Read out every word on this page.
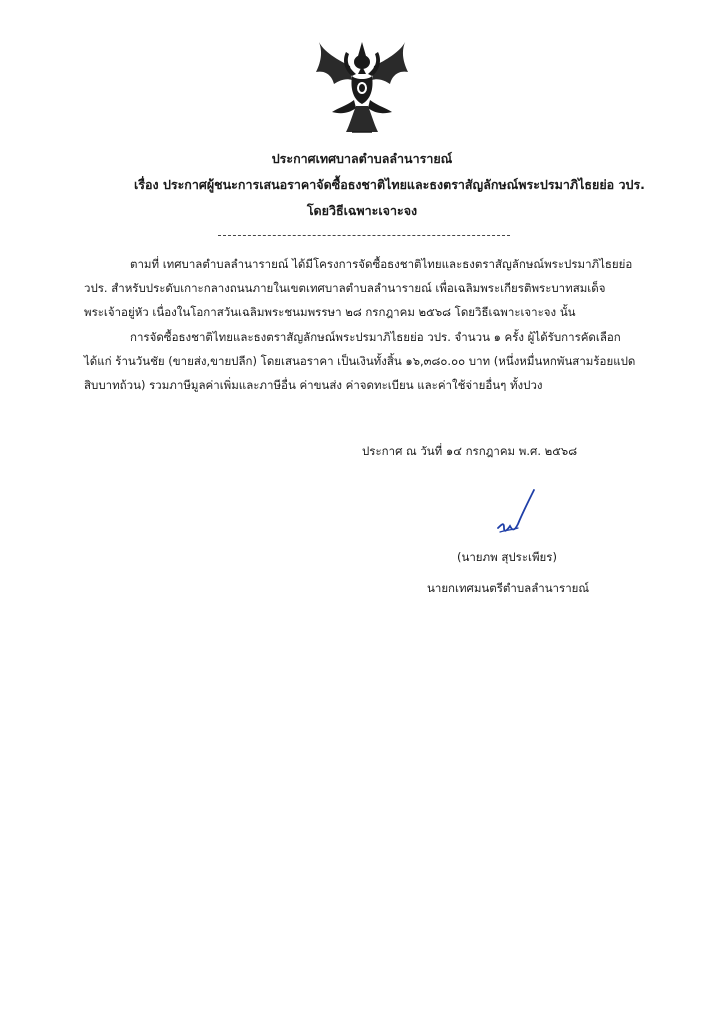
ประกาศเทศบาลตำบลลำนารายณ์
เรื่อง ประกาศผู้ชนะการเสนอราคาจัดซื้อธงชาติไทยและธงตราสัญลักษณ์พระปรมาภิไธยย่อ วปร.
โดยวิธีเฉพาะเจาะจง
ตามที่ เทศบาลตำบลลำนารายณ์ ได้มีโครงการจัดซื้อธงชาติไทยและธงตราสัญลักษณ์พระปรมาภิไธยย่อ
วปร. สำหรับประดับเกาะกลางถนนภายในเขตเทศบาลตำบลลำนารายณ์ เพื่อเฉลิมพระเกียรติพระบาทสมเด็จ
พระเจ้าอยู่หัว เนื่องในโอกาสวันเฉลิมพระชนมพรรษา ๒๘ กรกฎาคม ๒๕๖๘ โดยวิธีเฉพาะเจาะจง นั้น
การจัดซื้อธงชาติไทยและธงตราสัญลักษณ์พระปรมาภิไธยย่อ วปร. จำนวน ๑ ครั้ง ผู้ได้รับการคัดเลือก
ได้แก่ ร้านวันชัย (ขายส่ง,ขายปลีก) โดยเสนอราคา เป็นเงินทั้งสิ้น ๑๖,๓๘๐.๐๐ บาท (หนึ่งหมื่นหกพันสามร้อยแปด
สิบบาทถ้วน) รวมภาษีมูลค่าเพิ่มและภาษีอื่น ค่าขนส่ง ค่าจดทะเบียน และค่าใช้จ่ายอื่นๆ ทั้งปวง
ประกาศ ณ วันที่ ๑๔ กรกฎาคม พ.ศ. ๒๕๖๘
(นายภพ สุประเพียร)
นายกเทศมนตรีตำบลลำนารายณ์
